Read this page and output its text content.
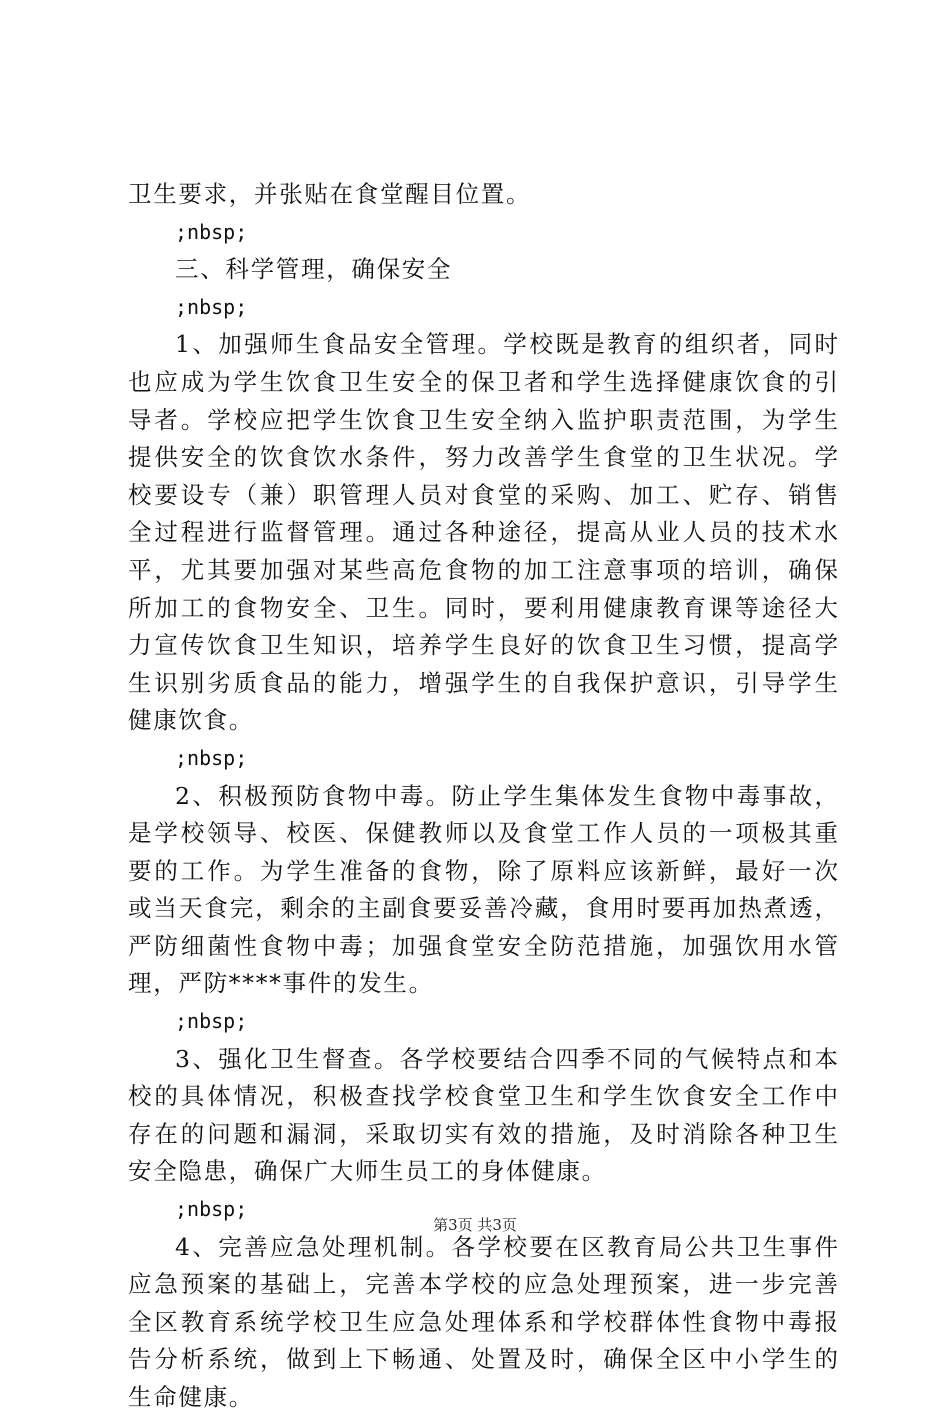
卫生要求，并张贴在食堂醒目位置。
;nbsp;
三、科学管理，确保安全
;nbsp;
1、加强师生食品安全管理。学校既是教育的组织者，同时
也应成为学生饮食卫生安全的保卫者和学生选择健康饮食的引
导者。学校应把学生饮食卫生安全纳入监护职责范围，为学生
提供安全的饮食饮水条件，努力改善学生食堂的卫生状况。学
校要设专（兼）职管理人员对食堂的采购、加工、贮存、销售
全过程进行监督管理。通过各种途径，提高从业人员的技术水
平，尤其要加强对某些高危食物的加工注意事项的培训，确保
所加工的食物安全、卫生。同时，要利用健康教育课等途径大
力宣传饮食卫生知识，培养学生良好的饮食卫生习惯，提高学
生识别劣质食品的能力，增强学生的自我保护意识，引导学生
健康饮食。
;nbsp;
2、积极预防食物中毒。防止学生集体发生食物中毒事故，
是学校领导、校医、保健教师以及食堂工作人员的一项极其重
要的工作。为学生准备的食物，除了原料应该新鲜，最好一次
或当天食完，剩余的主副食要妥善冷藏，食用时要再加热煮透，
严防细菌性食物中毒；加强食堂安全防范措施，加强饮用水管
理，严防****事件的发生。
;nbsp;
3、强化卫生督查。各学校要结合四季不同的气候特点和本
校的具体情况，积极查找学校食堂卫生和学生饮食安全工作中
存在的问题和漏洞，采取切实有效的措施，及时消除各种卫生
安全隐患，确保广大师生员工的身体健康。
;nbsp;
4、完善应急处理机制。各学校要在区教育局公共卫生事件
应急预案的基础上，完善本学校的应急处理预案，进一步完善
全区教育系统学校卫生应急处理体系和学校群体性食物中毒报
告分析系统，做到上下畅通、处置及时，确保全区中小学生的
生命健康。
第3页 共3页
